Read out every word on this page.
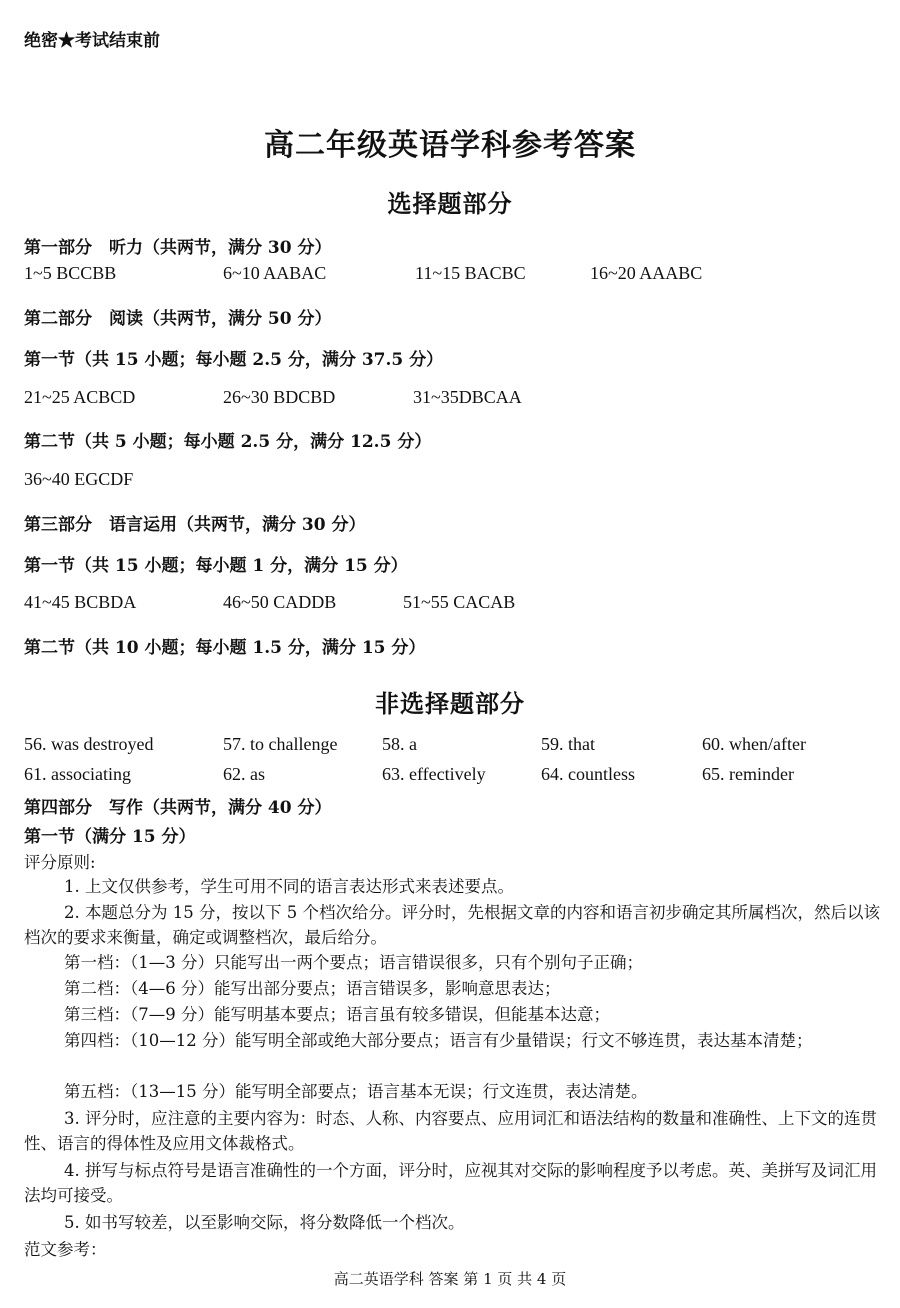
绝密★考试结束前
高二年级英语学科参考答案
选择题部分
第一部分　听力（共两节，满分 30 分）
1~5 BCCBB	6~10 AABAC	11~15 BACBC	16~20 AAABC
第二部分　阅读（共两节，满分 50 分）
第一节（共 15 小题；每小题 2.5 分，满分 37.5 分）
21~25 ACBCD	26~30 BDCBD	31~35DBCAA
第二节（共 5 小题；每小题 2.5 分，满分 12.5 分）
36~40 EGCDF
第三部分　语言运用（共两节，满分 30 分）
第一节（共 15 小题；每小题 1 分，满分 15 分）
41~45 BCBDA	46~50 CADDB	51~55 CACAB
第二节（共 10 小题；每小题 1.5 分，满分 15 分）
非选择题部分
56. was destroyed	57. to challenge 58. a	59. that	60. when/after
61. associating	62. as	63. effectively	64. countless	65. reminder
第四部分　写作（共两节，满分 40 分）
第一节（满分 15 分）
评分原则:
1. 上文仅供参考，学生可用不同的语言表达形式来表述要点。
2. 本题总分为 15 分，按以下 5 个档次给分。评分时，先根据文章的内容和语言初步确定其所属档次，然后以该档次的要求来衡量，确定或调整档次，最后给分。
第一档：（1—3 分）只能写出一两个要点；语言错误很多，只有个别句子正确；
第二档：（4—6 分）能写出部分要点；语言错误多，影响意思表达；
第三档：（7—9 分）能写明基本要点；语言虽有较多错误，但能基本达意；
第四档：（10—12 分）能写明全部或绝大部分要点；语言有少量错误；行文不够连贯，表达基本清楚；
第五档：（13—15 分）能写明全部要点；语言基本无误；行文连贯，表达清楚。
3. 评分时，应注意的主要内容为：时态、人称、内容要点、应用词汇和语法结构的数量和准确性、上下文的连贯性、语言的得体性及应用文体裁格式。
4. 拼写与标点符号是语言准确性的一个方面，评分时，应视其对交际的影响程度予以考虑。英、美拼写及词汇用法均可接受。
5. 如书写较差，以至影响交际，将分数降低一个档次。
范文参考：
高二英语学科 答案 第 1 页 共 4 页
